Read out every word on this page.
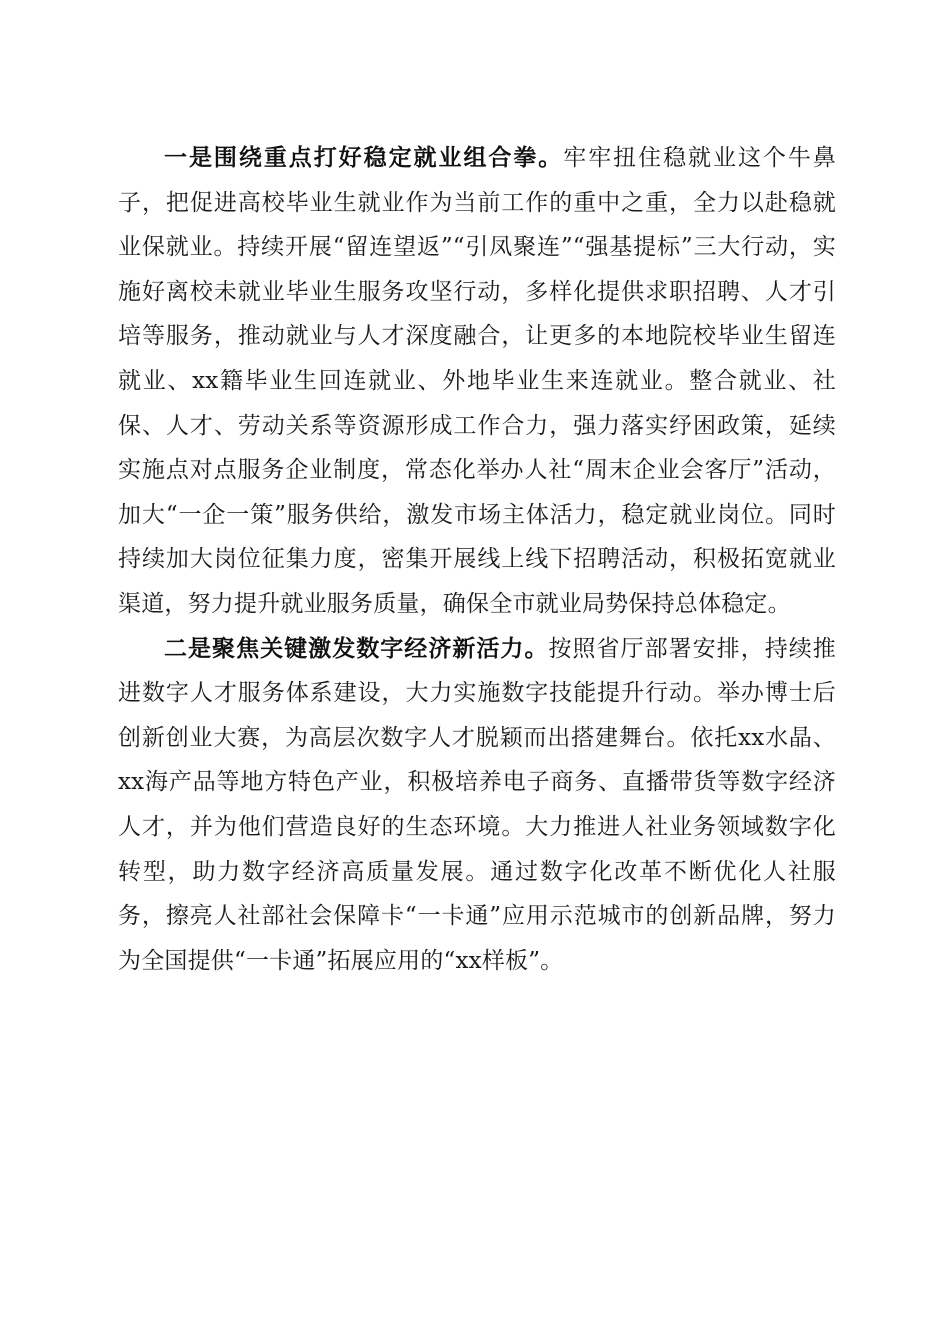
一是围绕重点打好稳定就业组合拳。牢牢扭住稳就业这个牛鼻子，把促进高校毕业生就业作为当前工作的重中之重，全力以赴稳就业保就业。持续开展“留连望返”“引凤聚连”“强基提标”三大行动，实施好离校未就业毕业生服务攻坚行动，多样化提供求职招聘、人才引培等服务，推动就业与人才深度融合，让更多的本地院校毕业生留连就业、xx籍毕业生回连就业、外地毕业生来连就业。整合就业、社保、人才、劳动关系等资源形成工作合力，强力落实纾困政策，延续实施点对点服务企业制度，常态化举办人社“周末企业会客厅”活动，加大“一企一策”服务供给，激发市场主体活力，稳定就业岗位。同时持续加大岗位征集力度，密集开展线上线下招聘活动，积极拓宽就业渠道，努力提升就业服务质量，确保全市就业局势保持总体稳定。

二是聚焦关键激发数字经济新活力。按照省厅部署安排，持续推进数字人才服务体系建设，大力实施数字技能提升行动。举办博士后创新创业大赛，为高层次数字人才脱颖而出搭建舞台。依托xx水晶、xx海产品等地方特色产业，积极培养电子商务、直播带货等数字经济人才，并为他们营造良好的生态环境。大力推进人社业务领域数字化转型，助力数字经济高质量发展。通过数字化改革不断优化人社服务，擦亮人社部社会保障卡“一卡通”应用示范城市的创新品牌，努力为全国提供“一卡通”拓展应用的“xx样板”。
